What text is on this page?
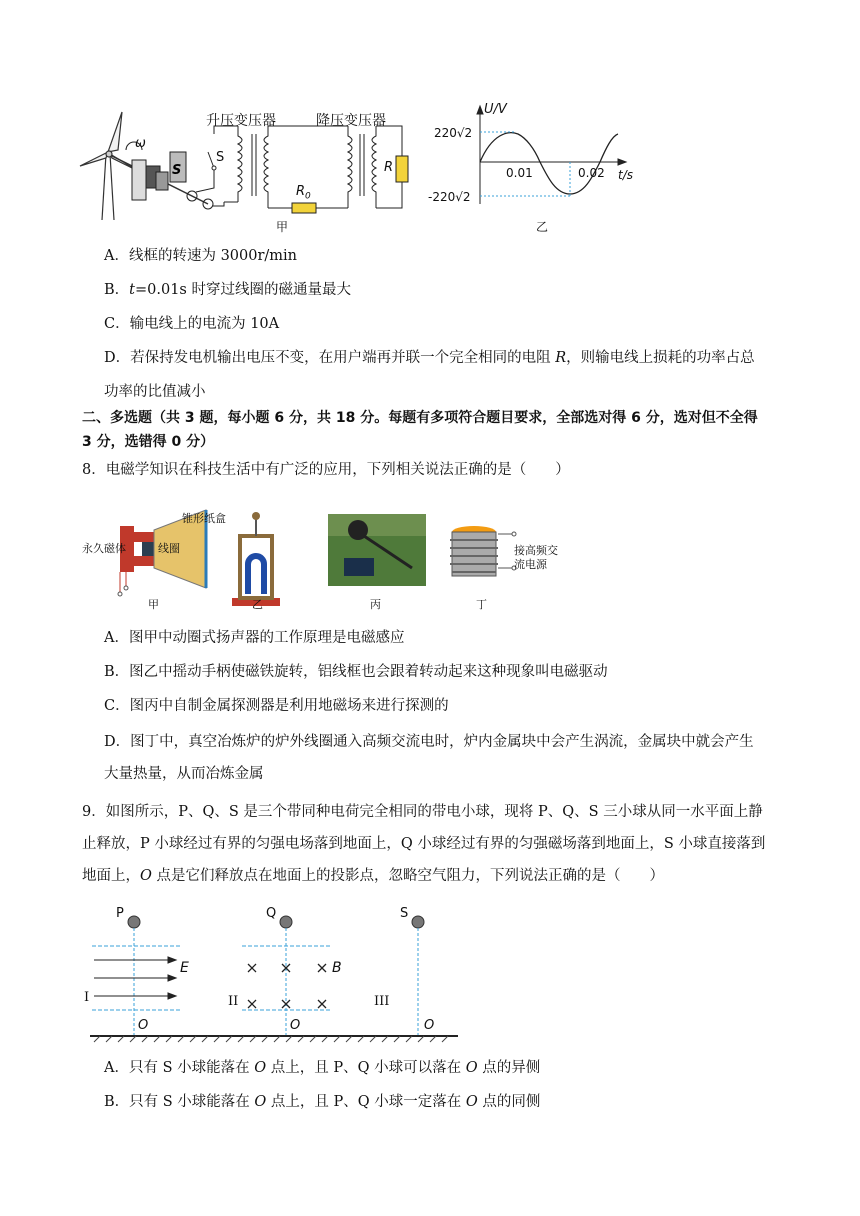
S
升压变压器	降压变压器
ω
S
$R_0$
R
甲	乙
U/V
t/s
220√2
-220√2
0.01	0.02
A．线框的转速为 3000r/min
B．t=0.01s 时穿过线圈的磁通量最大
C．输电线上的电流为 10A
D．若保持发电机输出电压不变，在用户端再并联一个完全相同的电阻 R，则输电线上损耗的功率占总
功率的比值减小
二、多选题（共 3 题，每小题 6 分，共 18 分。每题有多项符合题目要求，全部选对得 6 分，选对但不全得
3 分，选错得 0 分）
8．电磁学知识在科技生活中有广泛的应用，下列相关说法正确的是（　　）
锥形纸盒
永久磁体	线圈	接高频交
流电源
甲	乙	丙	丁
A．图甲中动圈式扬声器的工作原理是电磁感应
B．图乙中摇动手柄使磁铁旋转，铝线框也会跟着转动起来这种现象叫电磁驱动
C．图丙中自制金属探测器是利用地磁场来进行探测的
D．图丁中，真空冶炼炉的炉外线圈通入高频交流电时，炉内金属块中会产生涡流，金属块中就会产生
大量热量，从而冶炼金属
9．如图所示，P、Q、S 是三个带同种电荷完全相同的带电小球，现将 P、Q、S 三小球从同一水平面上静
止释放，P 小球经过有界的匀强电场落到地面上，Q 小球经过有界的匀强磁场落到地面上，S 小球直接落到
地面上，O 点是它们释放点在地面上的投影点，忽略空气阻力，下列说法正确的是（　　）
P	Q	S
E	B
I	II	III
O	O	O
A．只有 S 小球能落在 O 点上，且 P、Q 小球可以落在 O 点的异侧
B．只有 S 小球能落在 O 点上，且 P、Q 小球一定落在 O 点的同侧
